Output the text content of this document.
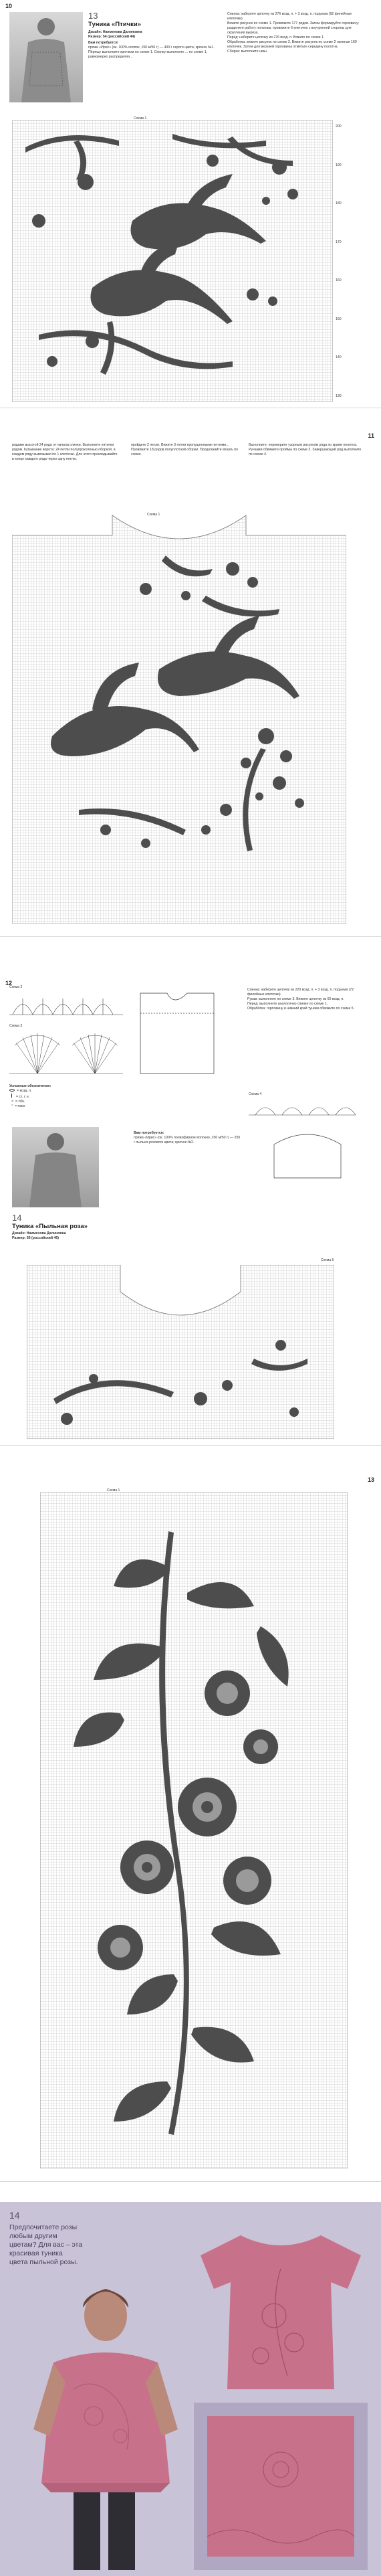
10
13
Туника «Птички»
Дизайн: Наименова Далиновна
Размер: 54 (российский 44)
Вам потребуется:
пряжа «Ирис» (ок. 100% хлопок, 150 м/50 г) — 400 г серого цвета; крючок №1.
Пёрешу выполните крючком по схеме 1. Спинку выполните ... по схеме 1, равномерно распределяя...
Спинка: наберите цепочку из 276 возд. п. + 3 возд. п. подъема (92 филейные клеточки).
Вяжите рисунок по схеме 1. Провяжите 177 рядов. Затем формируйте горловину: разделите работу пополам, провяжите 6 клеточек с внутренней стороны для скругления выреза.
Перед: наберите цепочку из 276 возд. п. Вяжите по схеме 1.
Обработка: вяжите рисунок по схеме 2. Вяжите рисунок по схеме 2 начиная 169 клеточек. Затем для верхней горловины отметьте середину полотна.
Сборка: выполните швы.
Схема 1
200
190
180
170
160
150
140
130
11
рядами высотой 24 ряда от начала спинки. Выполните пятачки рядом. Купывание ворота: 24 петли полупроколенью оборкой, в каждом ряду вывязывая по 1 клеточке. Для этого прокладывайте в конце каждого ряда через одну петлю.
пройдите 2 петли. Вяжите 3 петли пропущенными петлями... Провяжите 18 рядов полуплотной оборки. Продолжайте вязать по схеме.
Выполните: переворите узорным рисунком ряда по краям полотна. Ручками обвяжите проймы по схеме 3. Завершающий ряд выполните по схеме 4.
Схема 1
12
Схема 2
Схема 3
Условные обозначения:
= возд. п.
= ст. с н.
× = сбн.
° = пико
14
Туника «Пыльная роза»
Дизайн: Наименова Далиновна
Размер: 56 (российский 46)
Вам потребуется:
пряжа «Ирис» (ок. 100% полиэфирное волокно, 250 м/50 г) — 250 г пыльно-розового цвета; крючок №2.
Спинка: наберите цепочку из 220 возд. п. + 3 возд. п. подъема (72 филейные клеточки).
Рукав: выполните по схеме 3. Вяжите цепочку из 60 возд. п.
Перед: выполните аналогично спинке по схеме 1.
Обработка: горловину и нижний край туники обвяжите по схеме 5.
Схема 4
Схема 5
13
Схема 1
14
Предпочитаете розы любым другим цветам? Для вас – эта красивая туника цвета пыльной розы.
